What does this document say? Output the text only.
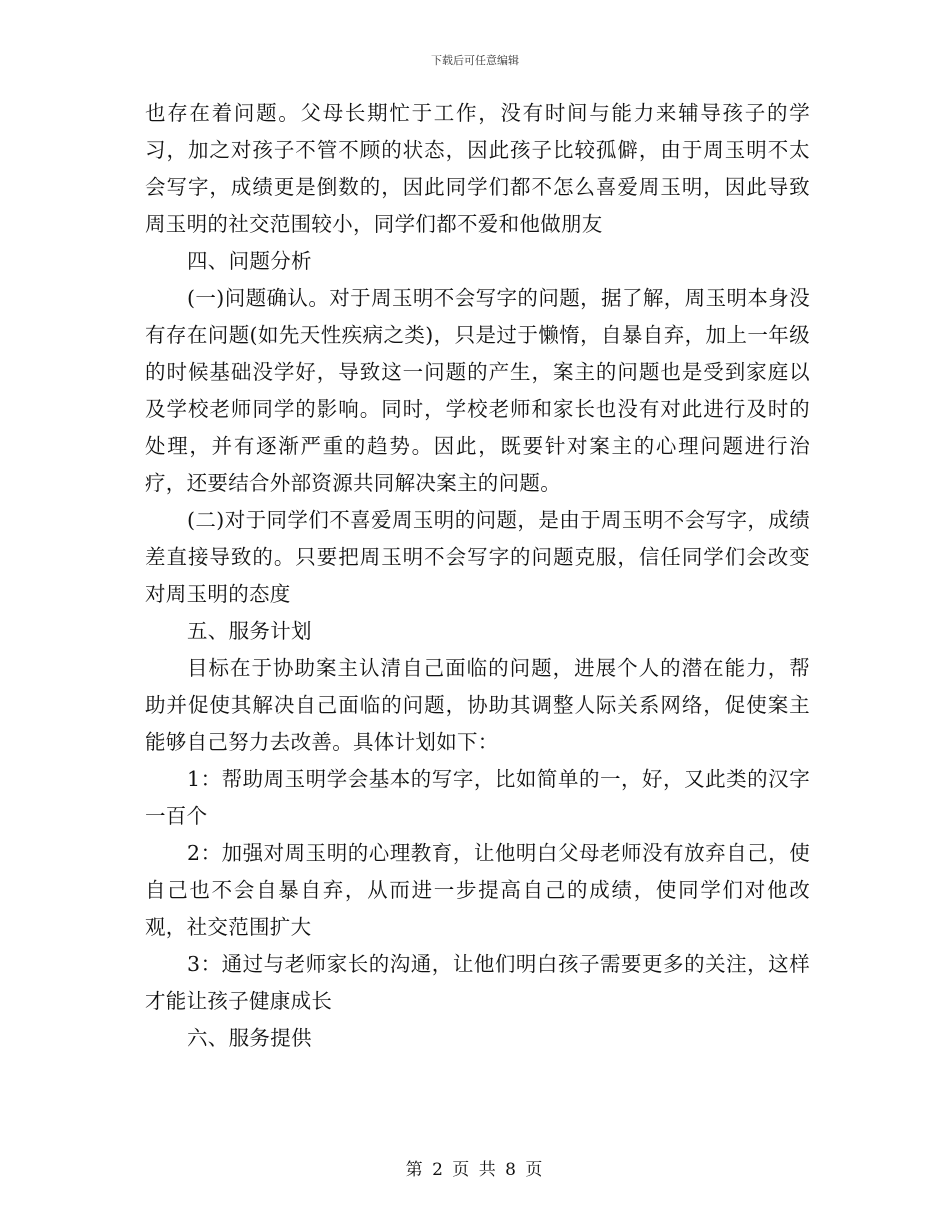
下载后可任意编辑

也存在着问题。父母长期忙于工作，没有时间与能力来辅导孩子的学习，加之对孩子不管不顾的状态，因此孩子比较孤僻，由于周玉明不太会写字，成绩更是倒数的，因此同学们都不怎么喜爱周玉明，因此导致周玉明的社交范围较小，同学们都不爱和他做朋友

四、问题分析

(一)问题确认。对于周玉明不会写字的问题，据了解，周玉明本身没有存在问题(如先天性疾病之类)，只是过于懒惰，自暴自弃，加上一年级的时候基础没学好，导致这一问题的产生，案主的问题也是受到家庭以及学校老师同学的影响。同时，学校老师和家长也没有对此进行及时的处理，并有逐渐严重的趋势。因此，既要针对案主的心理问题进行治疗，还要结合外部资源共同解决案主的问题。

(二)对于同学们不喜爱周玉明的问题，是由于周玉明不会写字，成绩差直接导致的。只要把周玉明不会写字的问题克服，信任同学们会改变对周玉明的态度

五、服务计划

目标在于协助案主认清自己面临的问题，进展个人的潜在能力，帮助并促使其解决自己面临的问题，协助其调整人际关系网络，促使案主能够自己努力去改善。具体计划如下：

1：帮助周玉明学会基本的写字，比如简单的一，好，又此类的汉字一百个

2：加强对周玉明的心理教育，让他明白父母老师没有放弃自己，使自己也不会自暴自弃，从而进一步提高自己的成绩，使同学们对他改观，社交范围扩大

3：通过与老师家长的沟通，让他们明白孩子需要更多的关注，这样才能让孩子健康成长

六、服务提供

第 2 页 共 8 页
